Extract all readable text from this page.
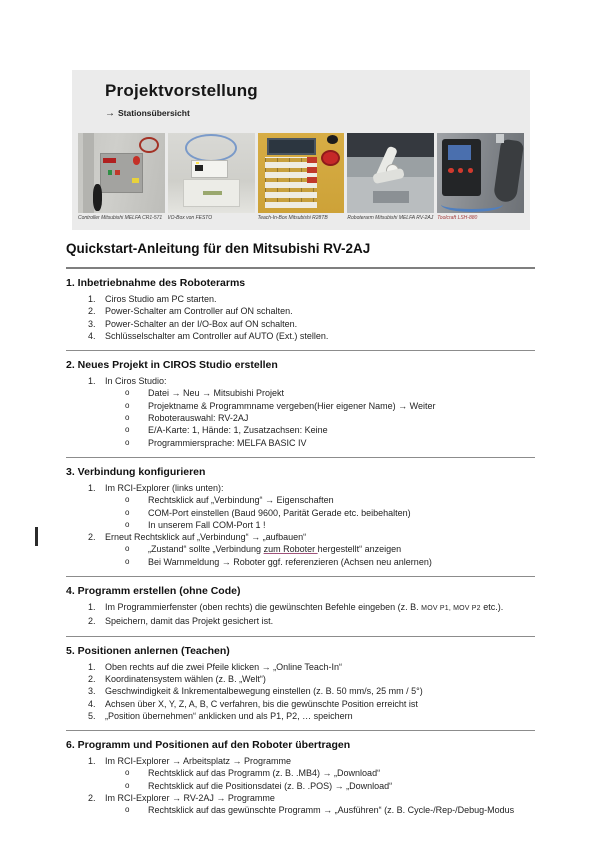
Projektvorstellung
→ Stationsübersicht
Controller Mitsubishi MELFA CR1-571	I/O-Box von FESTO	Teach-In-Box Mitsubishi R28TB	Roboterarm Mitsubishi MELFA RV-2AJ Toolcraft LSH-880
Quickstart-Anleitung für den Mitsubishi RV-2AJ
1. Inbetriebnahme des Roboterarms
1.	Ciros Studio am PC starten.
2.	Power-Schalter am Controller auf ON schalten.
3.	Power-Schalter an der I/O-Box auf ON schalten.
4.	Schlüsselschalter am Controller auf AUTO (Ext.) stellen.
2. Neues Projekt in CIROS Studio erstellen
1.	In Ciros Studio:
o	Datei → Neu → Mitsubishi Projekt
o	Projektname & Programmname vergeben(Hier eigener Name) → Weiter
o	Roboterauswahl: RV-2AJ
o	E/A-Karte: 1, Hände: 1, Zusatzachsen: Keine
o	Programmiersprache: MELFA BASIC IV
3. Verbindung konfigurieren
1.	Im RCI-Explorer (links unten):
o	Rechtsklick auf „Verbindung“ → Eigenschaften
o	COM-Port einstellen (Baud 9600, Parität Gerade etc. beibehalten)
o	In unserem Fall COM-Port 1 !
2.	Erneut Rechtsklick auf „Verbindung“ → „aufbauen“
o	„Zustand“ sollte „Verbindung zum Roboter hergestellt“ anzeigen
o	Bei Warnmeldung → Roboter ggf. referenzieren (Achsen neu anlernen)
4. Programm erstellen (ohne Code)
1.	Im Programmierfenster (oben rechts) die gewünschten Befehle eingeben (z. B. MOV P1, MOV P2 etc.).
2.	Speichern, damit das Projekt gesichert ist.
5. Positionen anlernen (Teachen)
1.	Oben rechts auf die zwei Pfeile klicken → „Online Teach-In“
2.	Koordinatensystem wählen (z. B. „Welt“)
3.	Geschwindigkeit & Inkrementalbewegung einstellen (z. B. 50 mm/s, 25 mm / 5°)
4.	Achsen über X, Y, Z, A, B, C verfahren, bis die gewünschte Position erreicht ist
5.	„Position übernehmen“ anklicken und als P1, P2, … speichern
6. Programm und Positionen auf den Roboter übertragen
1.	Im RCI-Explorer → Arbeitsplatz → Programme
o	Rechtsklick auf das Programm (z. B. .MB4) → „Download“
o	Rechtsklick auf die Positionsdatei (z. B. .POS) → „Download“
2.	Im RCI-Explorer → RV-2AJ → Programme
o	Rechtsklick auf das gewünschte Programm → „Ausführen“ (z. B. Cycle-/Rep-/Debug-Modus
